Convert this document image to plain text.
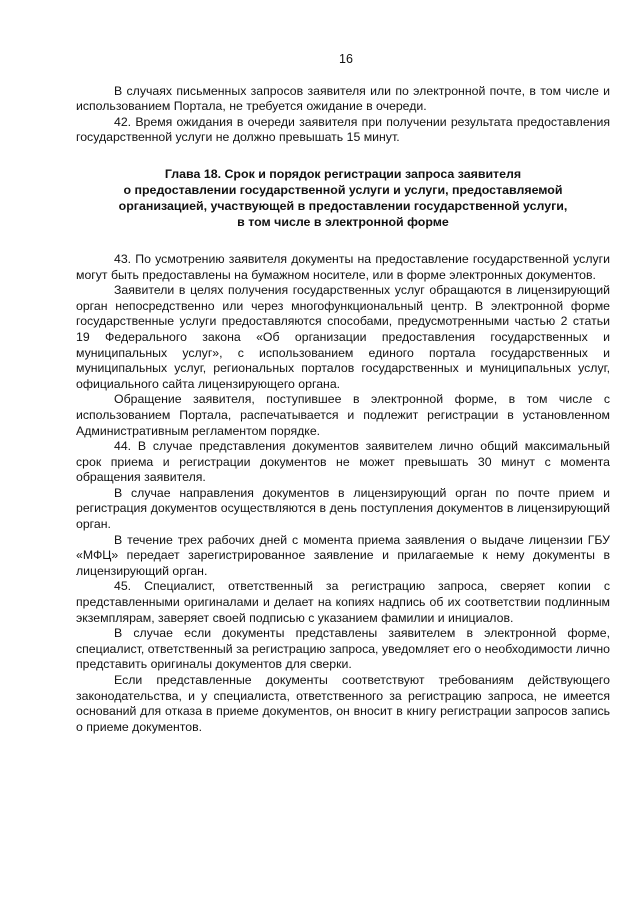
16

В случаях письменных запросов заявителя или по электронной почте, в том числе и использованием Портала, не требуется ожидание в очереди.

42. Время ожидания в очереди заявителя при получении результата предоставления государственной услуги не должно превышать 15 минут.

Глава 18. Срок и порядок регистрации запроса заявителя
о предоставлении государственной услуги и услуги, предоставляемой
организацией, участвующей в предоставлении государственной услуги,
в том числе в электронной форме

43. По усмотрению заявителя документы на предоставление государственной услуги могут быть предоставлены на бумажном носителе, или в форме электронных документов.

Заявители в целях получения государственных услуг обращаются в лицензирующий орган непосредственно или через многофункциональный центр. В электронной форме государственные услуги предоставляются способами, предусмотренными частью 2 статьи 19 Федерального закона «Об организации предоставления государственных и муниципальных услуг», с использованием единого портала государственных и муниципальных услуг, региональных порталов государственных и муниципальных услуг, официального сайта лицензирующего органа.

Обращение заявителя, поступившее в электронной форме, в том числе с использованием Портала, распечатывается и подлежит регистрации в установленном Административным регламентом порядке.

44. В случае представления документов заявителем лично общий максимальный срок приема и регистрации документов не может превышать 30 минут с момента обращения заявителя.

В случае направления документов в лицензирующий орган по почте прием и регистрация документов осуществляются в день поступления документов в лицензирующий орган.

В течение трех рабочих дней с момента приема заявления о выдаче лицензии ГБУ «МФЦ» передает зарегистрированное заявление и прилагаемые к нему документы в лицензирующий орган.

45. Специалист, ответственный за регистрацию запроса, сверяет копии с представленными оригиналами и делает на копиях надпись об их соответствии подлинным экземплярам, заверяет своей подписью с указанием фамилии и инициалов.

В случае если документы представлены заявителем в электронной форме, специалист, ответственный за регистрацию запроса, уведомляет его о необходимости лично представить оригиналы документов для сверки.

Если представленные документы соответствуют требованиям действующего законодательства, и у специалиста, ответственного за регистрацию запроса, не имеется оснований для отказа в приеме документов, он вносит в книгу регистрации запросов запись о приеме документов.
